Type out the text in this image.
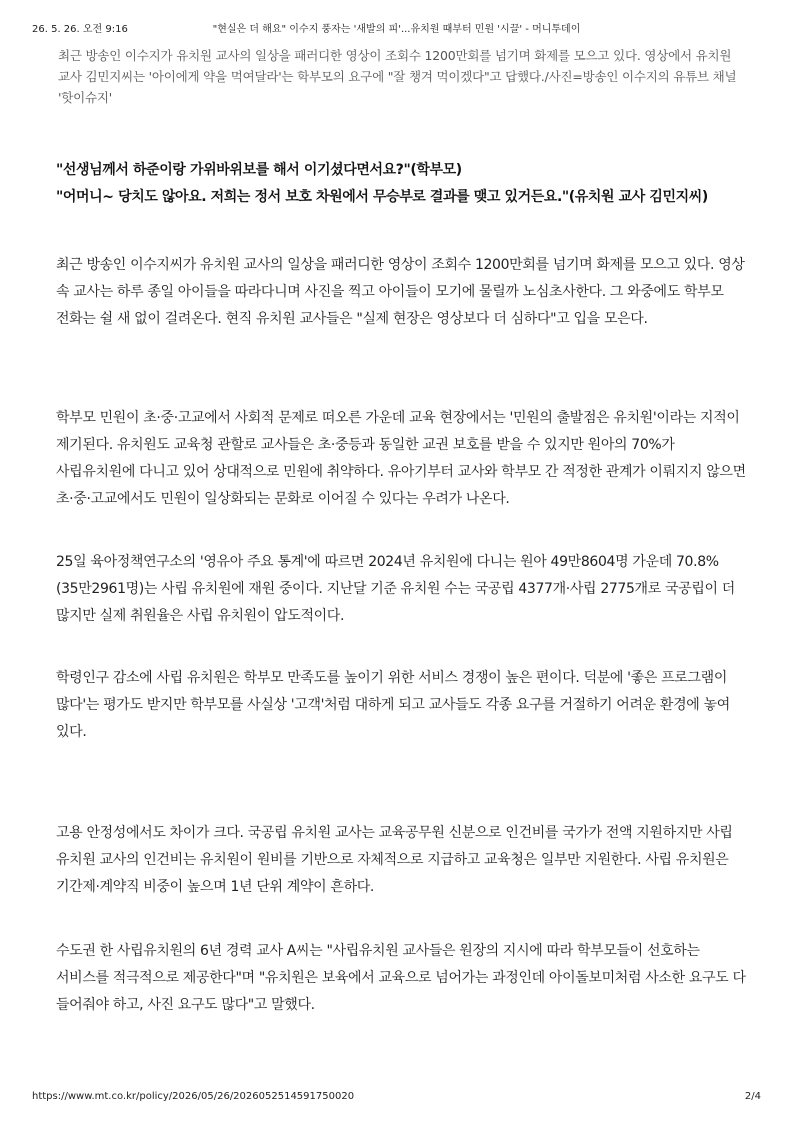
26. 5. 26. 오전 9:16	"현실은 더 해요" 이수지 풍자는 '새발의 피'...유치원 때부터 민원 '시끌' - 머니투데이
최근 방송인 이수지가 유치원 교사의 일상을 패러디한 영상이 조회수 1200만회를 넘기며 화제를 모으고 있다. 영상에서 유치원 교사 김민지씨는 '아이에게 약을 먹여달라'는 학부모의 요구에 "잘 챙겨 먹이겠다"고 답했다./사진=방송인 이수지의 유튜브 채널 '핫이슈지'
"선생님께서 하준이랑 가위바위보를 해서 이기셨다면서요?"(학부모)
"어머니~ 당치도 않아요. 저희는 정서 보호 차원에서 무승부로 결과를 맺고 있거든요."(유치원 교사 김민지씨)
최근 방송인 이수지씨가 유치원 교사의 일상을 패러디한 영상이 조회수 1200만회를 넘기며 화제를 모으고 있다. 영상 속 교사는 하루 종일 아이들을 따라다니며 사진을 찍고 아이들이 모기에 물릴까 노심초사한다. 그 와중에도 학부모 전화는 쉴 새 없이 걸려온다. 현직 유치원 교사들은 "실제 현장은 영상보다 더 심하다"고 입을 모은다.
학부모 민원이 초·중·고교에서 사회적 문제로 떠오른 가운데 교육 현장에서는 '민원의 출발점은 유치원'이라는 지적이 제기된다. 유치원도 교육청 관할로 교사들은 초·중등과 동일한 교권 보호를 받을 수 있지만 원아의 70%가 사립유치원에 다니고 있어 상대적으로 민원에 취약하다. 유아기부터 교사와 학부모 간 적정한 관계가 이뤄지지 않으면 초·중·고교에서도 민원이 일상화되는 문화로 이어질 수 있다는 우려가 나온다.
25일 육아정책연구소의 '영유아 주요 통계'에 따르면 2024년 유치원에 다니는 원아 49만8604명 가운데 70.8%(35만2961명)는 사립 유치원에 재원 중이다. 지난달 기준 유치원 수는 국공립 4377개·사립 2775개로 국공립이 더 많지만 실제 취원율은 사립 유치원이 압도적이다.
학령인구 감소에 사립 유치원은 학부모 만족도를 높이기 위한 서비스 경쟁이 높은 편이다. 덕분에 '좋은 프로그램이 많다'는 평가도 받지만 학부모를 사실상 '고객'처럼 대하게 되고 교사들도 각종 요구를 거절하기 어려운 환경에 놓여 있다.
고용 안정성에서도 차이가 크다. 국공립 유치원 교사는 교육공무원 신분으로 인건비를 국가가 전액 지원하지만 사립 유치원 교사의 인건비는 유치원이 원비를 기반으로 자체적으로 지급하고 교육청은 일부만 지원한다. 사립 유치원은 기간제·계약직 비중이 높으며 1년 단위 계약이 흔하다.
수도권 한 사립유치원의 6년 경력 교사 A씨는 "사립유치원 교사들은 원장의 지시에 따라 학부모들이 선호하는 서비스를 적극적으로 제공한다"며 "유치원은 보육에서 교육으로 넘어가는 과정인데 아이돌보미처럼 사소한 요구도 다 들어줘야 하고, 사진 요구도 많다"고 말했다.
https://www.mt.co.kr/policy/2026/05/26/2026052514591750020	2/4
